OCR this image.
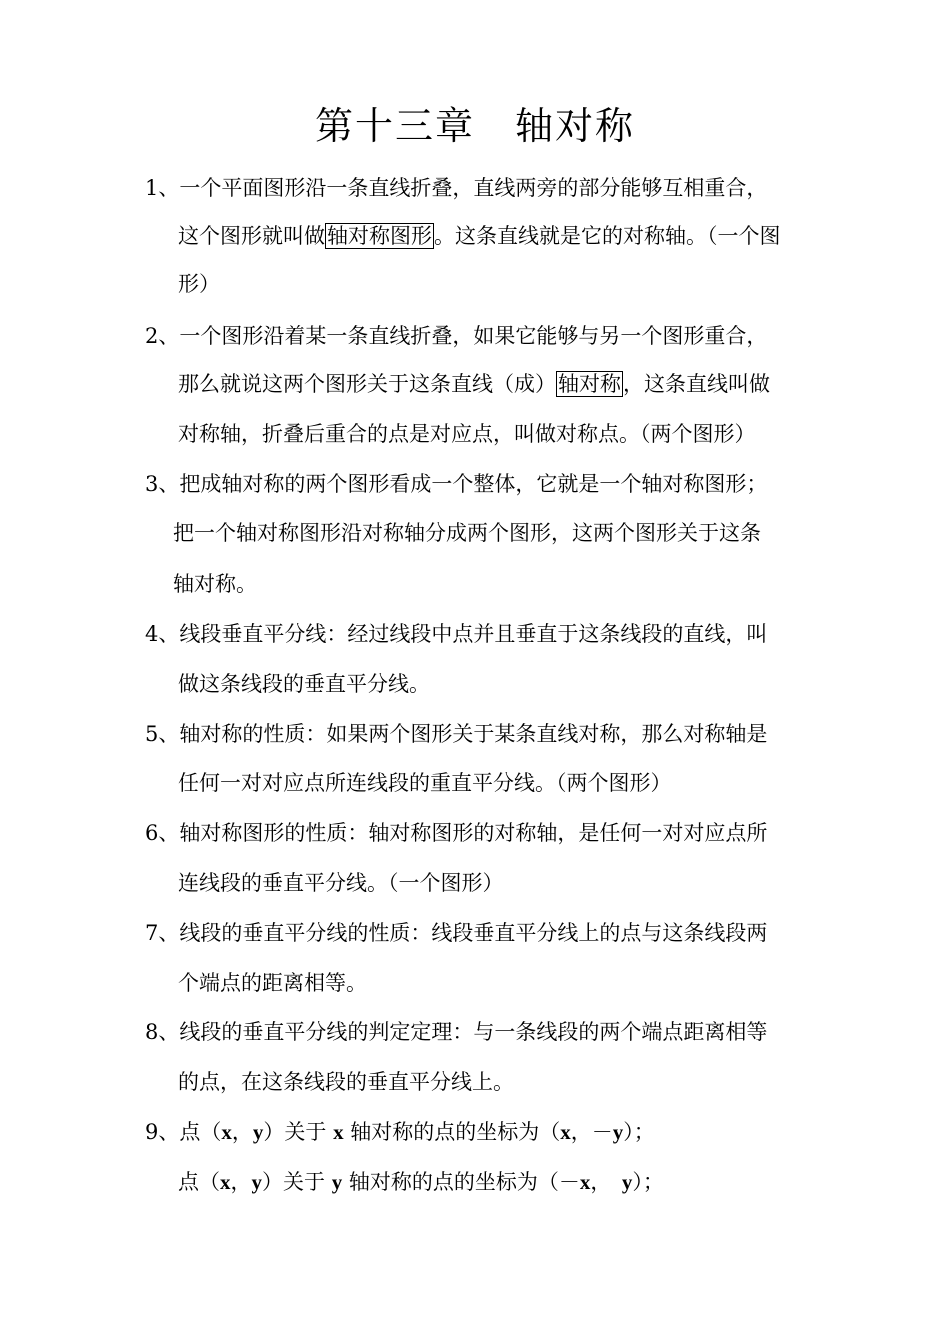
第十三章　轴对称
1、一个平面图形沿一条直线折叠，直线两旁的部分能够互相重合，
这个图形就叫做轴对称图形。这条直线就是它的对称轴。（一个图
形）
2、一个图形沿着某一条直线折叠，如果它能够与另一个图形重合，
那么就说这两个图形关于这条直线（成）轴对称，这条直线叫做
对称轴，折叠后重合的点是对应点，叫做对称点。（两个图形）
3、把成轴对称的两个图形看成一个整体，它就是一个轴对称图形；
把一个轴对称图形沿对称轴分成两个图形，这两个图形关于这条
轴对称。
4、线段垂直平分线：经过线段中点并且垂直于这条线段的直线，叫
做这条线段的垂直平分线。
5、轴对称的性质：如果两个图形关于某条直线对称，那么对称轴是
任何一对对应点所连线段的重直平分线。（两个图形）
6、轴对称图形的性质：轴对称图形的对称轴，是任何一对对应点所
连线段的垂直平分线。（一个图形）
7、线段的垂直平分线的性质：线段垂直平分线上的点与这条线段两
个端点的距离相等。
8、线段的垂直平分线的判定定理：与一条线段的两个端点距离相等
的点，在这条线段的垂直平分线上。
9、点（x，y）关于 x 轴对称的点的坐标为（x，－y）；
点（x，y）关于 y 轴对称的点的坐标为（－x，　y）；
